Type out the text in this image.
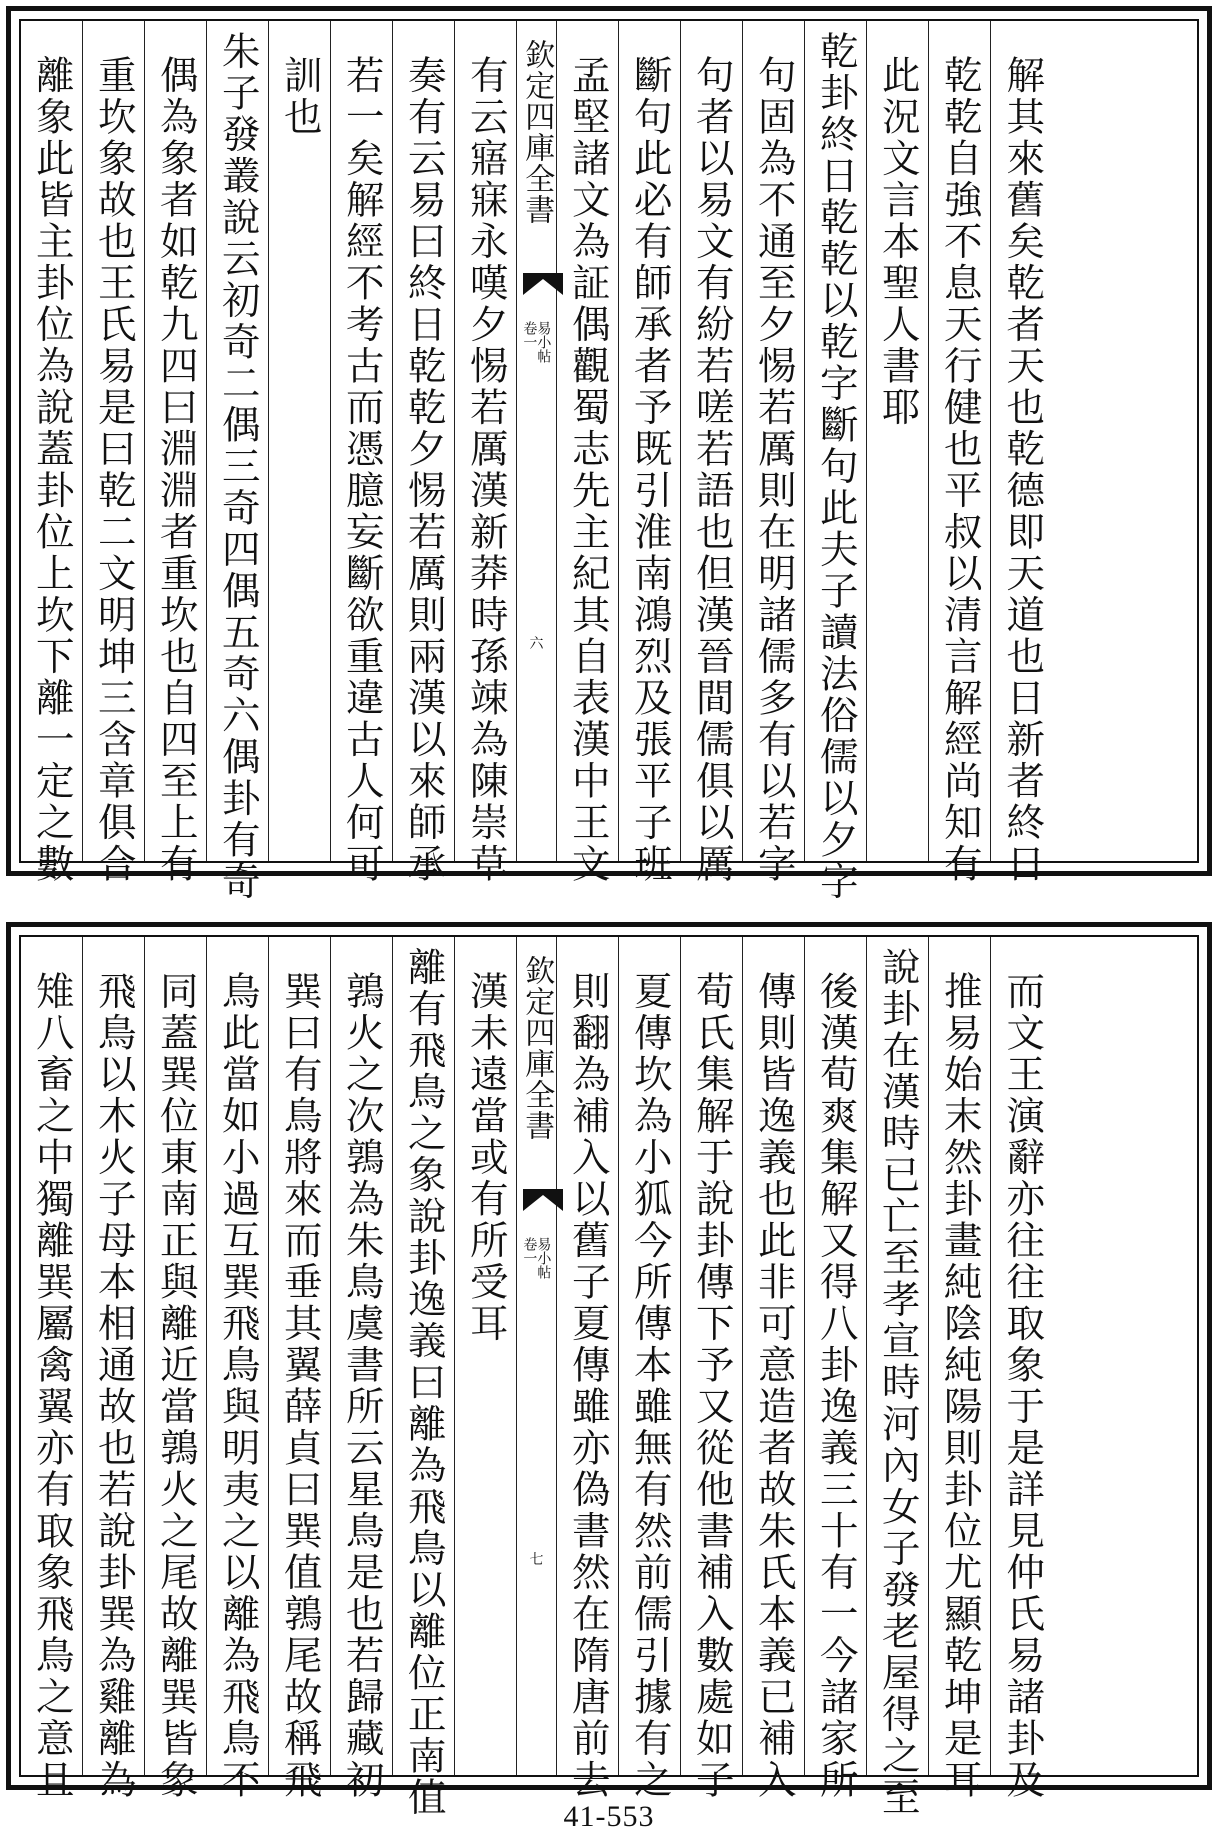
離象此皆主卦位為說蓋卦位上坎下離一定之數 重坎象故也王氏易是曰乾二文明坤三含章俱合 偶為象者如乾九四曰淵淵者重坎也自四至上有 朱子發叢說云初奇二偶三奇四偶五奇六偶卦有奇 訓也 若一矣解經不考古而憑臆妄斷欲重違古人何可 奏有云易曰終日乾乾夕惕若厲則兩漢以來師承 有云寤寐永嘆夕惕若厲漢新莽時孫竦為陳崇草 欽定四庫全書
易小帖
卷一
六 孟堅諸文為証偶觀蜀志先主紀其自表漢中王文 斷句此必有師承者予既引淮南鴻烈及張平子班 句者以易文有紛若嗟若語也但漢晉間儒俱以厲 句固為不通至夕惕若厲則在明諸儒多有以若字 乾卦終日乾乾以乾字斷句此夫子讀法俗儒以夕字 此況文言本聖人書耶 乾乾自強不息天行健也平叔以清言解經尚知有 解其來舊矣乾者天也乾德即天道也日新者終日
雉八畜之中獨離巽屬禽翼亦有取象飛鳥之意且 飛鳥以木火子母本相通故也若說卦巽為雞離為 同蓋巽位東南正與離近當鶉火之尾故離巽皆象 鳥此當如小過互巽飛鳥與明夷之以離為飛鳥不 巽曰有鳥將來而垂其翼薛貞曰巽值鶉尾故稱飛 鶉火之次鶉為朱鳥虞書所云星鳥是也若歸藏初 離有飛鳥之象說卦逸義曰離為飛鳥以離位正南值 漢未遠當或有所受耳 欽定四庫全書
易小帖
卷一
七 則翻為補入以舊子夏傳雖亦偽書然在隋唐前去 夏傳坎為小狐今所傳本雖無有然前儒引據有之 荀氏集解于說卦傳下予又從他書補入數處如子 傳則皆逸義也此非可意造者故朱氏本義已補入 後漢荀爽集解又得八卦逸義三十有一今諸家所 說卦在漢時已亡至孝宣時河內女子發老屋得之至 推易始末然卦畫純陰純陽則卦位尤顯乾坤是耳 而文王演辭亦往往取象于是詳見仲氏易諸卦及
41-553
